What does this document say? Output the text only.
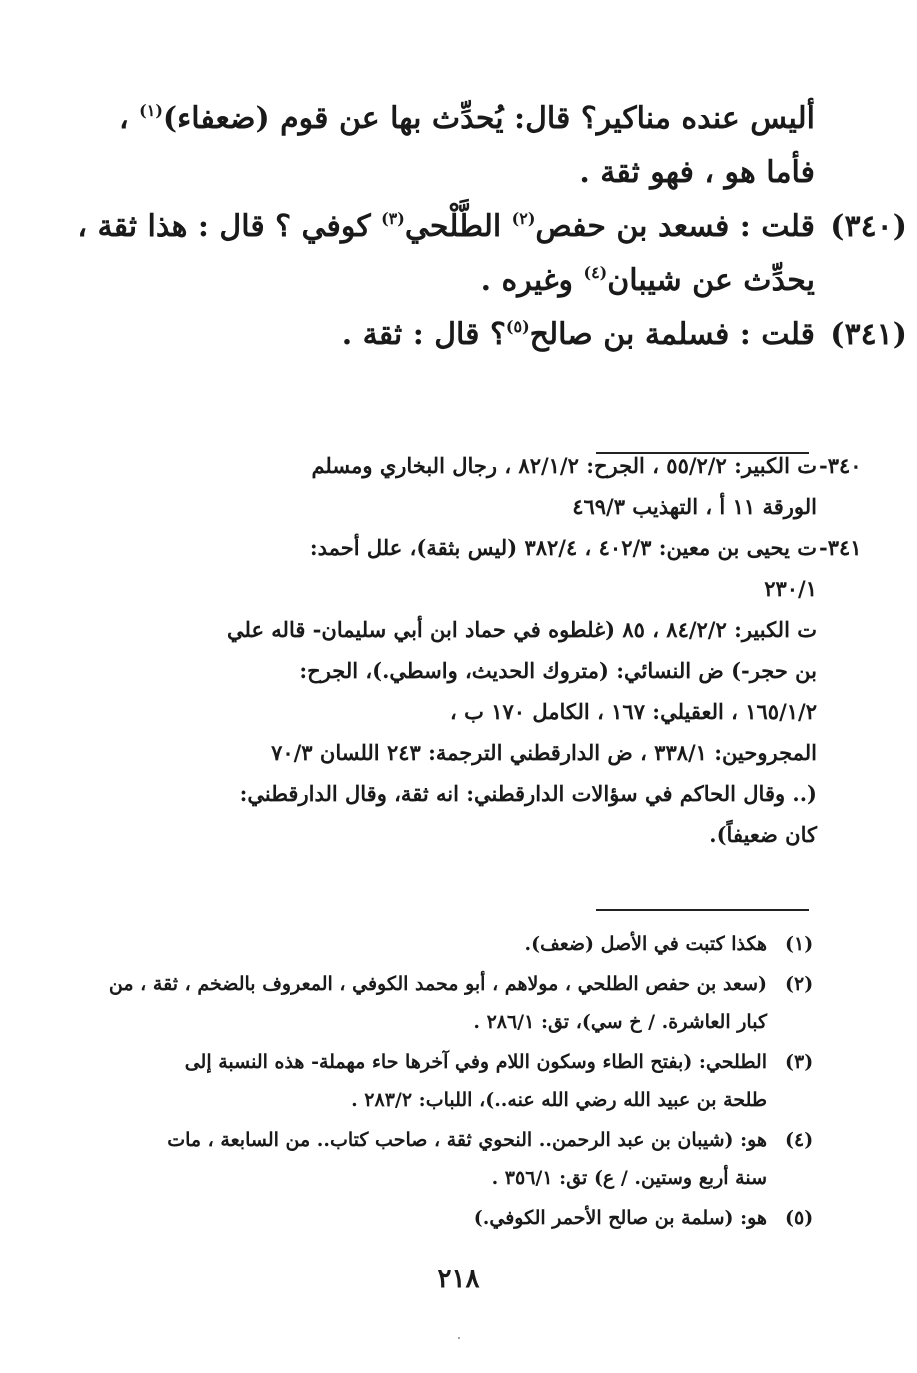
أليس عنده مناكير؟ قال: يُحدِّث بها عن قوم (ضعفاء)$^{(١)}$ ،
فأما هو ، فهو ثقة .
(٣٤٠)
قلت : فسعد بن حفص$^{(٢)}$ الطَّلْحي$^{(٣)}$ كوفي ؟ قال : هذا ثقة ،
يحدِّث عن شيبان$^{(٤)}$ وغيره .
(٣٤١)
قلت : فسلمة بن صالح$^{(٥)}$؟ قال : ثقة .
٣٤٠-
ت الكبير: ٥٥/٢/٢ ، الجرح: ٨٢/١/٢ ، رجال البخاري ومسلم
الورقة ١١ أ ، التهذيب ٤٦٩/٣
٣٤١-
ت يحيى بن معين: ٤٠٢/٣ ، ٣٨٢/٤ (ليس بثقة)، علل أحمد:
٢٣٠/١
ت الكبير: ٨٤/٢/٢ ، ٨٥ (غلطوه في حماد ابن أبي سليمان- قاله علي
بن حجر-) ض النسائي: (متروك الحديث، واسطي.)، الجرح:
١٦٥/١/٢ ، العقيلي: ١٦٧ ، الكامل ١٧٠ ب ،
المجروحين: ٣٣٨/١ ، ض الدارقطني الترجمة: ٢٤٣ اللسان ٧٠/٣
(.. وقال الحاكم في سؤالات الدارقطني: انه ثقة، وقال الدارقطني:
كان ضعيفاً).
(١)
هكذا كتبت في الأصل (ضعف).
(٢)
(سعد بن حفص الطلحي ، مولاهم ، أبو محمد الكوفي ، المعروف بالضخم ، ثقة ، من
كبار العاشرة. / خ سي)، تق: ٢٨٦/١ .
(٣)
الطلحي: (بفتح الطاء وسكون اللام وفي آخرها حاء مهملة- هذه النسبة إلى
طلحة بن عبيد الله رضي الله عنه..)، اللباب: ٢٨٣/٢ .
(٤)
هو: (شيبان بن عبد الرحمن.. النحوي ثقة ، صاحب كتاب.. من السابعة ، مات
سنة أربع وستين. / ع) تق: ٣٥٦/١ .
(٥)
هو: (سلمة بن صالح الأحمر الكوفي.)
٢١٨
